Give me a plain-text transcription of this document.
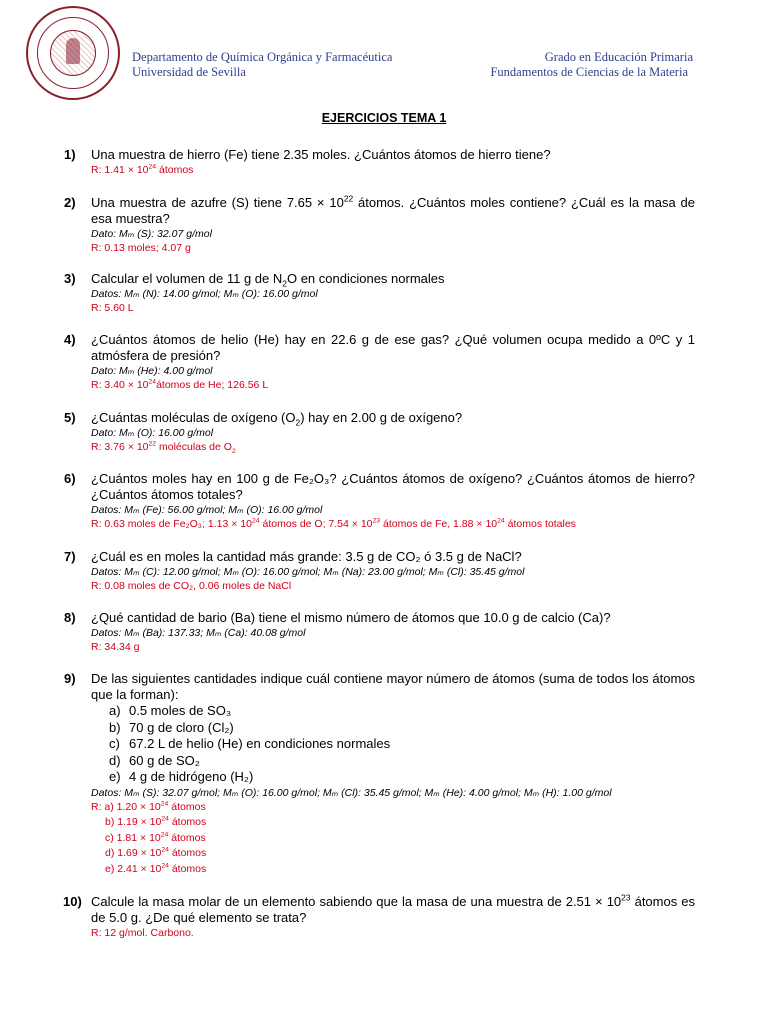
Departamento de Química Orgánica y Farmacéutica
Universidad de Sevilla
Grado en Educación Primaria
Fundamentos de Ciencias de la Materia
EJERCICIOS TEMA 1
1) Una muestra de hierro (Fe) tiene 2.35 moles. ¿Cuántos átomos de hierro tiene?
R: $1.41 \times 10^{24}$ átomos
2) Una muestra de azufre (S) tiene $7.65 \times 10^{22}$ átomos. ¿Cuántos moles contiene? ¿Cuál es la masa de esa muestra?
Dato: Mₘ (S): 32.07 g/mol
R: 0.13 moles; 4.07 g
3) Calcular el volumen de 11 g de $N_2O$ en condiciones normales
Datos: Mₘ (N): 14.00 g/mol; Mₘ (O): 16.00 g/mol
R: 5.60 L
4) ¿Cuántos átomos de helio (He) hay en 22.6 g de ese gas? ¿Qué volumen ocupa medido a 0ºC y 1 atmósfera de presión?
Dato: Mₘ (He): 4.00 g/mol
R: $3.40 \times 10^{24}átomos$ de He; 126.56 L
5) ¿Cuántas moléculas de oxígeno $(O_2)$ hay en 2.00 g de oxígeno?
Dato: Mₘ (O): 16.00 g/mol
R: $3.76 \times 10^{22}$ moléculas de $O_2$
6) ¿Cuántos moles hay en 100 g de Fe₂O₃? ¿Cuántos átomos de oxígeno? ¿Cuántos átomos de hierro? ¿Cuántos átomos totales?
Datos: Mₘ (Fe): 56.00 g/mol; Mₘ (O): 16.00 g/mol
R: 0.63 moles de Fe₂O₃; $1.13 \times 10^{24}$ átomos de O; $7.54 \times 10^{23}$ átomos de Fe, $1.88 \times 10^{24}$ átomos totales
7) ¿Cuál es en moles la cantidad más grande: 3.5 g de CO₂ ó 3.5 g de NaCl?
Datos: Mₘ (C): 12.00 g/mol; Mₘ (O): 16.00 g/mol; Mₘ (Na): 23.00 g/mol; Mₘ (Cl): 35.45 g/mol
R: 0.08 moles de CO₂, 0.06 moles de NaCl
8) ¿Qué cantidad de bario (Ba) tiene el mismo número de átomos que 10.0 g de calcio (Ca)?
Datos: Mₘ (Ba): 137.33; Mₘ (Ca): 40.08 g/mol
R: 34.34 g
9) De las siguientes cantidades indique cuál contiene mayor número de átomos (suma de todos los átomos que la forman):
a) 0.5 moles de SO₃
b) 70 g de cloro (Cl₂)
c) 67.2 L de helio (He) en condiciones normales
d) 60 g de SO₂
e) 4 g de hidrógeno (H₂)
Datos: Mₘ (S): 32.07 g/mol; Mₘ (O): 16.00 g/mol; Mₘ (Cl): 35.45 g/mol; Mₘ (He): 4.00 g/mol; Mₘ (H): 1.00 g/mol
R: a) $1.20 \times 10^{24}$ átomos
b) $1.19 \times 10^{24}$ átomos
c) $1.81 \times 10^{24}$ átomos
d) $1.69 \times 10^{24}$ átomos
e) $2.41 \times 10^{24}$ átomos
10) Calcule la masa molar de un elemento sabiendo que la masa de una muestra de $2.51 \times 10^{23}$ átomos es de 5.0 g. ¿De qué elemento se trata?
R: 12 g/mol. Carbono.
